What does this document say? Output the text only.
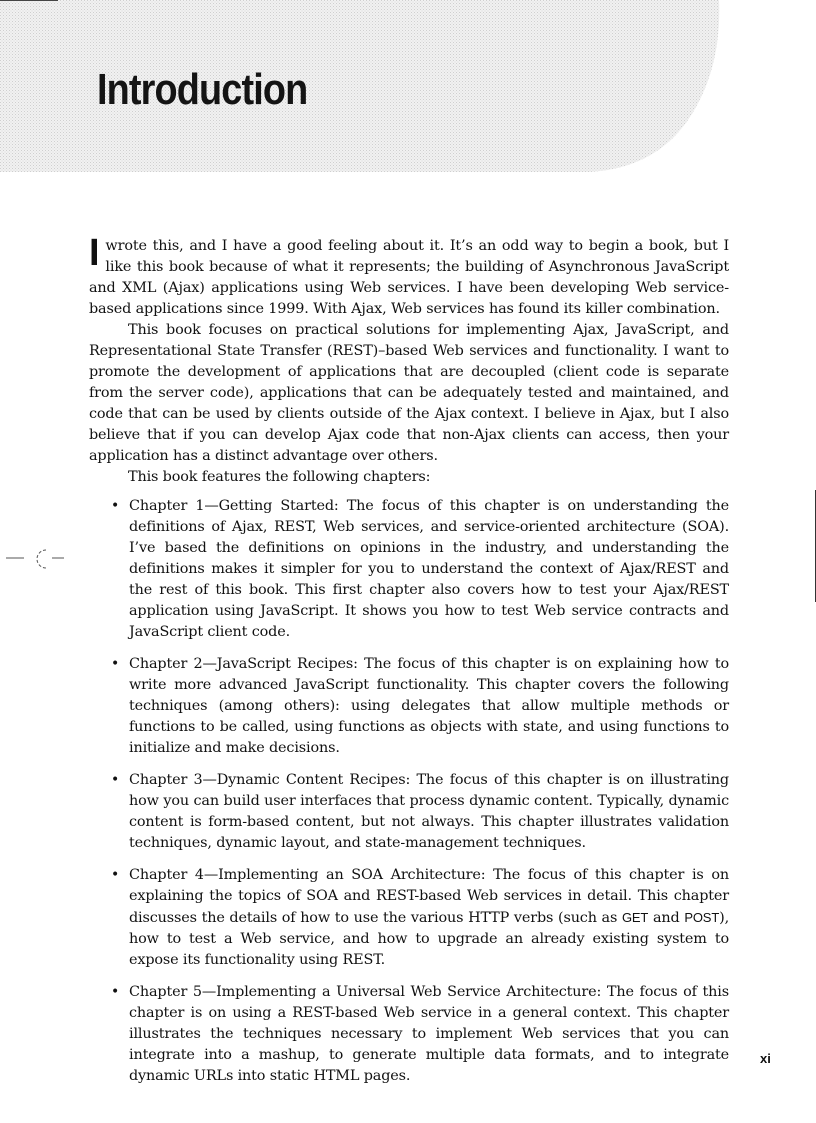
Introduction

I wrote this, and I have a good feeling about it. It’s an odd way to begin a book, but I like this book because of what it represents; the building of Asynchronous JavaScript and XML (Ajax) applications using Web services. I have been developing Web service-based applications since 1999. With Ajax, Web services has found its killer combination.

This book focuses on practical solutions for implementing Ajax, JavaScript, and Representational State Transfer (REST)–based Web services and functionality. I want to promote the development of applications that are decoupled (client code is separate from the server code), applications that can be adequately tested and maintained, and code that can be used by clients outside of the Ajax context. I believe in Ajax, but I also believe that if you can develop Ajax code that non-Ajax clients can access, then your application has a distinct advantage over others.

This book features the following chapters:

• Chapter 1—Getting Started: The focus of this chapter is on understanding the definitions of Ajax, REST, Web services, and service-oriented architecture (SOA). I’ve based the definitions on opinions in the industry, and understanding the definitions makes it simpler for you to understand the context of Ajax/REST and the rest of this book. This first chapter also covers how to test your Ajax/REST application using JavaScript. It shows you how to test Web service contracts and JavaScript client code.
• Chapter 2—JavaScript Recipes: The focus of this chapter is on explaining how to write more advanced JavaScript functionality. This chapter covers the following techniques (among others): using delegates that allow multiple methods or functions to be called, using functions as objects with state, and using functions to initialize and make decisions.
• Chapter 3—Dynamic Content Recipes: The focus of this chapter is on illustrating how you can build user interfaces that process dynamic content. Typically, dynamic content is form-based content, but not always. This chapter illustrates validation techniques, dynamic layout, and state-management techniques.
• Chapter 4—Implementing an SOA Architecture: The focus of this chapter is on explaining the topics of SOA and REST-based Web services in detail. This chapter discusses the details of how to use the various HTTP verbs (such as GET and POST), how to test a Web service, and how to upgrade an already existing system to expose its functionality using REST.
• Chapter 5—Implementing a Universal Web Service Architecture: The focus of this chapter is on using a REST-based Web service in a general context. This chapter illustrates the techniques necessary to implement Web services that you can integrate into a mashup, to generate multiple data formats, and to integrate dynamic URLs into static HTML pages.
xi
